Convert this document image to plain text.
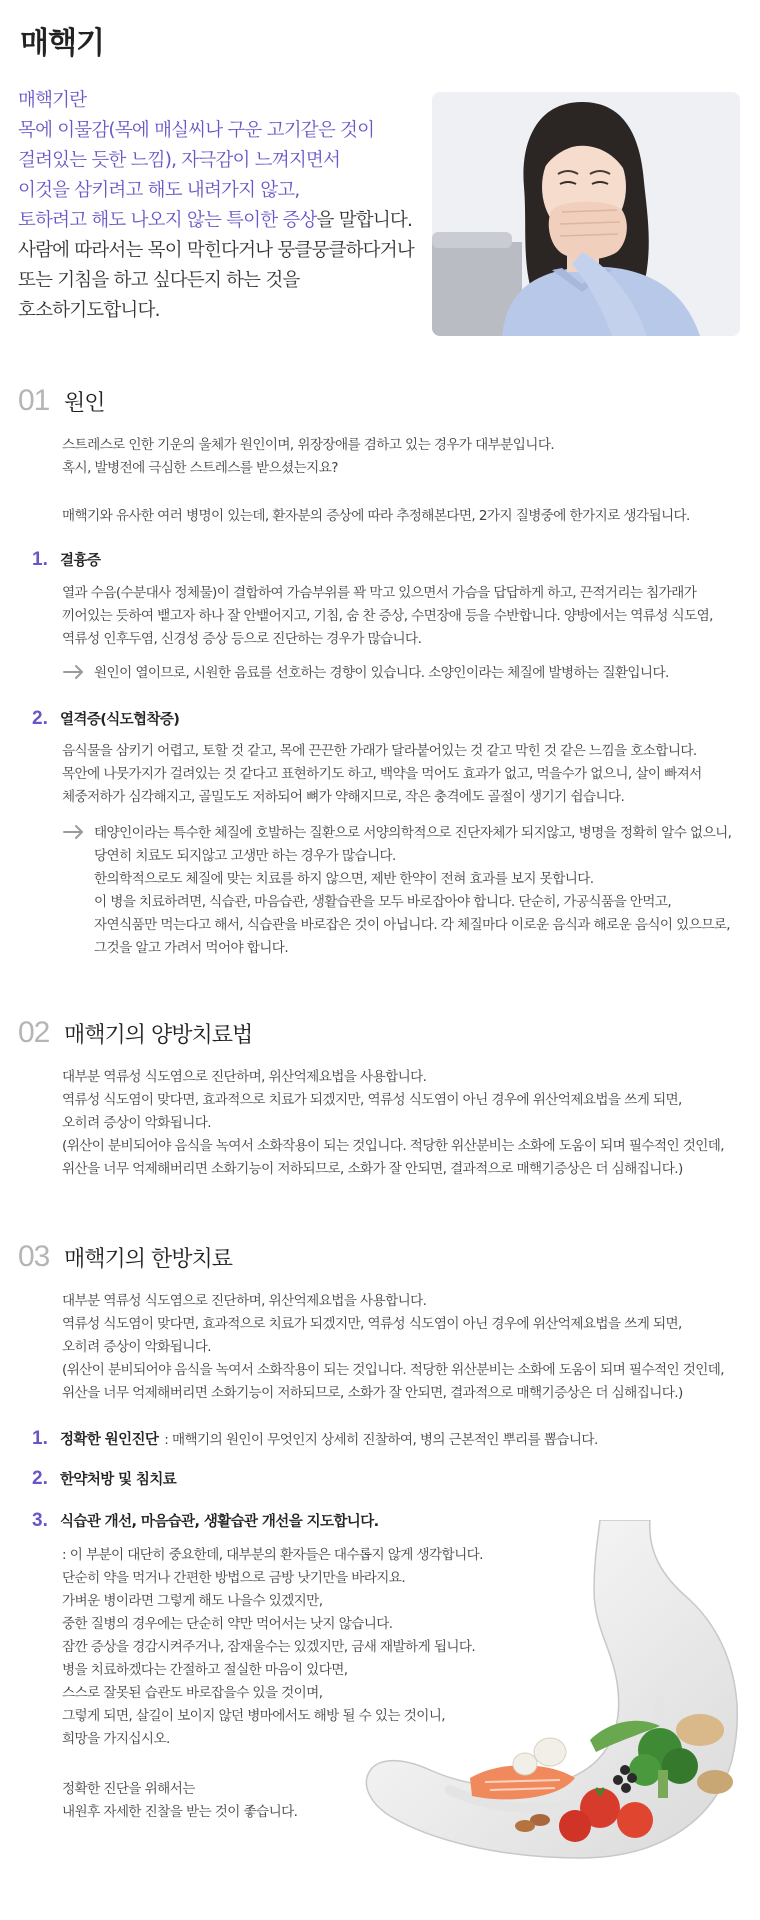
매핵기
매핵기란
목에 이물감(목에 매실씨나 구운 고기같은 것이
걸려있는 듯한 느낌), 자극감이 느껴지면서
이것을 삼키려고 해도 내려가지 않고,
토하려고 해도 나오지 않는 특이한 증상을 말합니다.
사람에 따라서는 목이 막힌다거나 뭉클뭉클하다거나
또는 기침을 하고 싶다든지 하는 것을
호소하기도합니다.
01 원인
스트레스로 인한 기운의 울체가 원인이며, 위장장애를 겸하고 있는 경우가 대부분입니다.
혹시, 발병전에 극심한 스트레스를 받으셨는지요?
매핵기와 유사한 여러 병명이 있는데, 환자분의 증상에 따라 추정해본다면, 2가지 질병중에 한가지로 생각됩니다.
1. 결흉증
열과 수음(수분대사 정체물)이 결합하여 가슴부위를 꽉 막고 있으면서 가슴을 답답하게 하고, 끈적거리는 침가래가
끼어있는 듯하여 뱉고자 하나 잘 안뱉어지고, 기침, 숨 찬 증상, 수면장애 등을 수반합니다. 양방에서는 역류성 식도염,
역류성 인후두염, 신경성 증상 등으로 진단하는 경우가 많습니다.
원인이 열이므로, 시원한 음료를 선호하는 경향이 있습니다. 소양인이라는 체질에 발병하는 질환입니다.
2. 열격증(식도협착증)
음식물을 삼키기 어렵고, 토할 것 같고, 목에 끈끈한 가래가 달라붙어있는 것 같고 막힌 것 같은 느낌을 호소합니다.
목안에 나뭇가지가 걸려있는 것 같다고 표현하기도 하고, 백약을 먹어도 효과가 없고, 먹을수가 없으니, 살이 빠져서
체중저하가 심각해지고, 골밀도도 저하되어 뼈가 약해지므로, 작은 충격에도 골절이 생기기 쉽습니다.
태양인이라는 특수한 체질에 호발하는 질환으로 서양의학적으로 진단자체가 되지않고, 병명을 정확히 알수 없으니,
당연히 치료도 되지않고 고생만 하는 경우가 많습니다.
한의학적으로도 체질에 맞는 치료를 하지 않으면, 제반 한약이 전혀 효과를 보지 못합니다.
이 병을 치료하려면, 식습관, 마음습관, 생활습관을 모두 바로잡아야 합니다. 단순히, 가공식품을 안먹고,
자연식품만 먹는다고 해서, 식습관을 바로잡은 것이 아닙니다. 각 체질마다 이로운 음식과 해로운 음식이 있으므로,
그것을 알고 가려서 먹어야 합니다.
02 매핵기의 양방치료법
대부분 역류성 식도염으로 진단하며, 위산억제요법을 사용합니다.
역류성 식도염이 맞다면, 효과적으로 치료가 되겠지만, 역류성 식도염이 아닌 경우에 위산억제요법을 쓰게 되면,
오히려 증상이 악화됩니다.
(위산이 분비되어야 음식을 녹여서 소화작용이 되는 것입니다. 적당한 위산분비는 소화에 도움이 되며 필수적인 것인데,
위산을 너무 억제해버리면 소화기능이 저하되므로, 소화가 잘 안되면, 결과적으로 매핵기증상은 더 심해집니다.)
03 매핵기의 한방치료
대부분 역류성 식도염으로 진단하며, 위산억제요법을 사용합니다.
역류성 식도염이 맞다면, 효과적으로 치료가 되겠지만, 역류성 식도염이 아닌 경우에 위산억제요법을 쓰게 되면,
오히려 증상이 악화됩니다.
(위산이 분비되어야 음식을 녹여서 소화작용이 되는 것입니다. 적당한 위산분비는 소화에 도움이 되며 필수적인 것인데,
위산을 너무 억제해버리면 소화기능이 저하되므로, 소화가 잘 안되면, 결과적으로 매핵기증상은 더 심해집니다.)
1. 정확한 원인진단 : 매핵기의 원인이 무엇인지 상세히 진찰하여, 병의 근본적인 뿌리를 뽑습니다.
2. 한약처방 및 침치료
3. 식습관 개선, 마음습관, 생활습관 개선을 지도합니다.
: 이 부분이 대단히 중요한데, 대부분의 환자들은 대수롭지 않게 생각합니다.
단순히 약을 먹거나 간편한 방법으로 금방 낫기만을 바라지요.
가벼운 병이라면 그렇게 해도 나을수 있겠지만,
중한 질병의 경우에는 단순히 약만 먹어서는 낫지 않습니다.
잠깐 증상을 경감시켜주거나, 잠재울수는 있겠지만, 금새 재발하게 됩니다.
병을 치료하겠다는 간절하고 절실한 마음이 있다면,
스스로 잘못된 습관도 바로잡을수 있을 것이며,
그렇게 되면, 살길이 보이지 않던 병마에서도 해방 될 수 있는 것이니,
희망을 가지십시오.
정확한 진단을 위해서는
내원후 자세한 진찰을 받는 것이 좋습니다.
